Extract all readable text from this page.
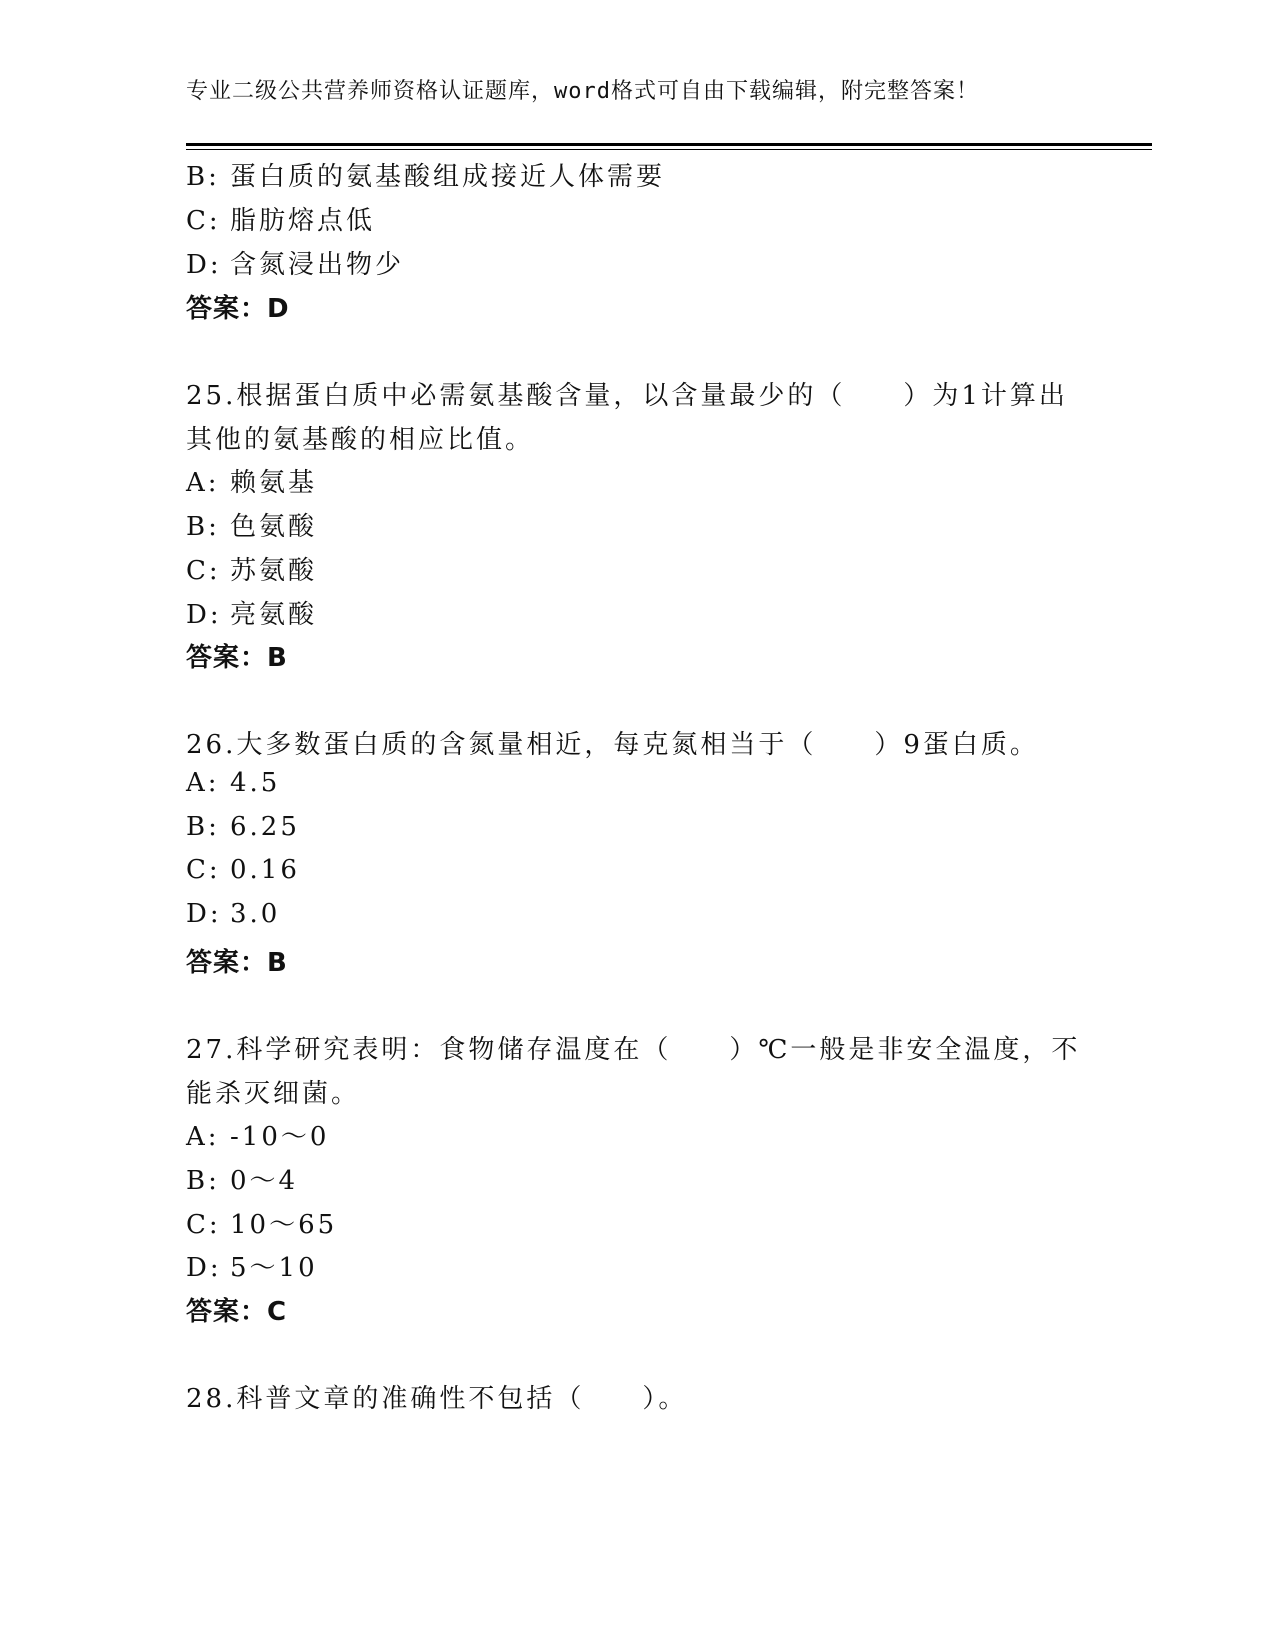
专业二级公共营养师资格认证题库，word格式可自由下载编辑，附完整答案！
B: 蛋白质的氨基酸组成接近人体需要
C: 脂肪熔点低
D: 含氮浸出物少
答案：D
25.根据蛋白质中必需氨基酸含量，以含量最少的（　　）为1计算出
其他的氨基酸的相应比值。
A: 赖氨基
B: 色氨酸
C: 苏氨酸
D: 亮氨酸
答案：B
26.大多数蛋白质的含氮量相近，每克氮相当于（　　）9蛋白质。
A: 4.5
B: 6.25
C: 0.16
D: 3.0
答案：B
27.科学研究表明：食物储存温度在（　　）℃一般是非安全温度，不
能杀灭细菌。
A: -10～0
B: 0～4
C: 10～65
D: 5～10
答案：C
28.科普文章的准确性不包括（　　）。
